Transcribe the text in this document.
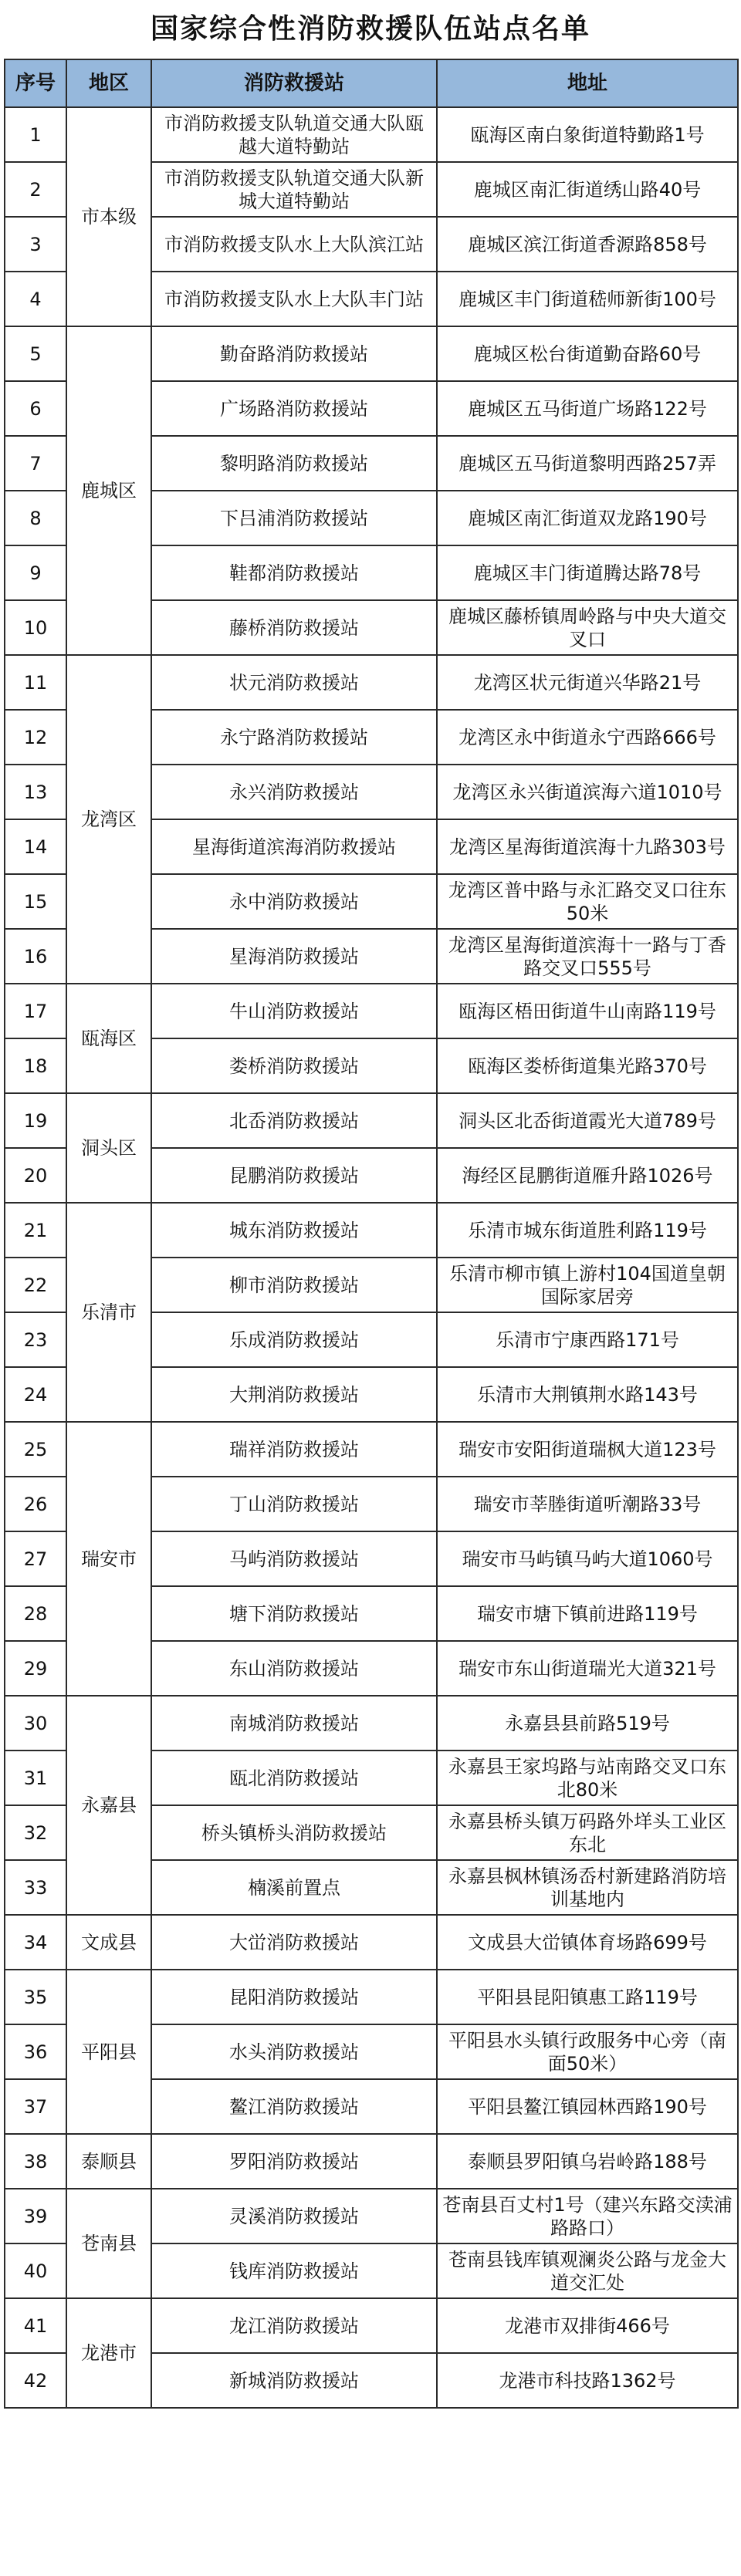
国家综合性消防救援队伍站点名单
序号	地区	消防救援站	地址
1	市本级	市消防救援支队轨道交通大队瓯越大道特勤站	瓯海区南白象街道特勤路1号
2		市消防救援支队轨道交通大队新城大道特勤站	鹿城区南汇街道绣山路40号
3		市消防救援支队水上大队滨江站	鹿城区滨江街道香源路858号
4		市消防救援支队水上大队丰门站	鹿城区丰门街道嵇师新街100号
5	鹿城区	勤奋路消防救援站	鹿城区松台街道勤奋路60号
6		广场路消防救援站	鹿城区五马街道广场路122号
7		黎明路消防救援站	鹿城区五马街道黎明西路257弄
8		下吕浦消防救援站	鹿城区南汇街道双龙路190号
9		鞋都消防救援站	鹿城区丰门街道腾达路78号
10		藤桥消防救援站	鹿城区藤桥镇周岭路与中央大道交叉口
11	龙湾区	状元消防救援站	龙湾区状元街道兴华路21号
12		永宁路消防救援站	龙湾区永中街道永宁西路666号
13		永兴消防救援站	龙湾区永兴街道滨海六道1010号
14		星海街道滨海消防救援站	龙湾区星海街道滨海十九路303号
15		永中消防救援站	龙湾区普中路与永汇路交叉口往东50米
16		星海消防救援站	龙湾区星海街道滨海十一路与丁香路交叉口555号
17	瓯海区	牛山消防救援站	瓯海区梧田街道牛山南路119号
18		娄桥消防救援站	瓯海区娄桥街道集光路370号
19	洞头区	北岙消防救援站	洞头区北岙街道霞光大道789号
20		昆鹏消防救援站	海经区昆鹏街道雁升路1026号
21	乐清市	城东消防救援站	乐清市城东街道胜利路119号
22		柳市消防救援站	乐清市柳市镇上游村104国道皇朝国际家居旁
23		乐成消防救援站	乐清市宁康西路171号
24		大荆消防救援站	乐清市大荆镇荆水路143号
25	瑞安市	瑞祥消防救援站	瑞安市安阳街道瑞枫大道123号
26		丁山消防救援站	瑞安市莘塍街道听潮路33号
27		马屿消防救援站	瑞安市马屿镇马屿大道1060号
28		塘下消防救援站	瑞安市塘下镇前进路119号
29		东山消防救援站	瑞安市东山街道瑞光大道321号
30	永嘉县	南城消防救援站	永嘉县县前路519号
31		瓯北消防救援站	永嘉县王家坞路与站南路交叉口东北80米
32		桥头镇桥头消防救援站	永嘉县桥头镇万码路外垟头工业区东北
33		楠溪前置点	永嘉县枫林镇汤岙村新建路消防培训基地内
34	文成县	大峃消防救援站	文成县大峃镇体育场路699号
35	平阳县	昆阳消防救援站	平阳县昆阳镇惠工路119号
36		水头消防救援站	平阳县水头镇行政服务中心旁（南面50米）
37		鳌江消防救援站	平阳县鳌江镇园林西路190号
38	泰顺县	罗阳消防救援站	泰顺县罗阳镇乌岩岭路188号
39	苍南县	灵溪消防救援站	苍南县百丈村1号（建兴东路交渎浦路路口）
40		钱库消防救援站	苍南县钱库镇观澜炎公路与龙金大道交汇处
41	龙港市	龙江消防救援站	龙港市双排街466号
42		新城消防救援站	龙港市科技路1362号
